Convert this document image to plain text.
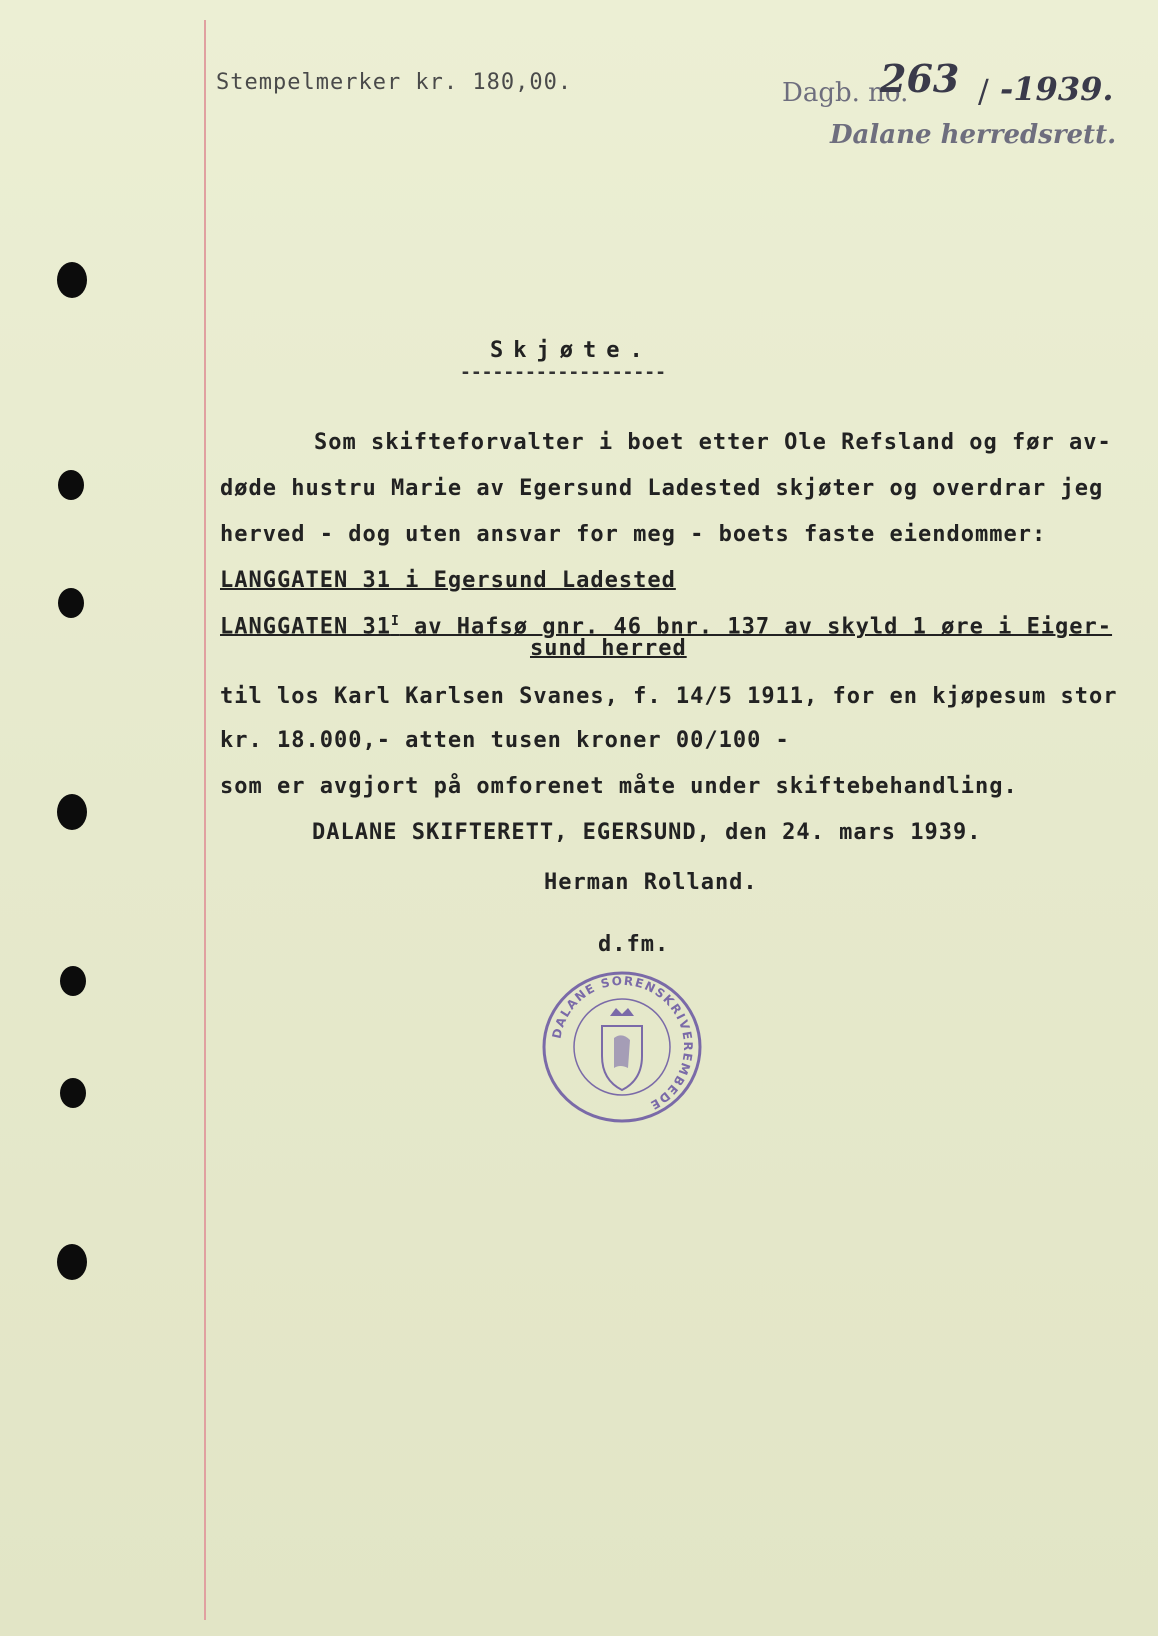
Stempelmerker kr. 180,00.	Dagb. no.
263 / -1939.
Dalane herredsrett.
Skjøte.
-------------------
Som skifteforvalter i boet etter Ole Refsland og før av-
døde hustru Marie av Egersund Ladested skjøter og overdrar jeg
herved - dog uten ansvar for meg - boets faste eiendommer:
LANGGATEN 31 i Egersund Ladested
LANGGATEN $31^I$ av Hafsø gnr. 46 bnr. 137 av skyld 1 øre i Eiger-
sund herred
til los Karl Karlsen Svanes, f. 14/5 1911, for en kjøpesum stor
kr. 18.000,- atten tusen kroner 00/100 -
som er avgjort på omforenet måte under skiftebehandling.
DALANE SKIFTERETT, EGERSUND, den 24. mars 1939.
Herman Rolland.
d.fm.
DALANE SORENSKRIVEREMBEDE
